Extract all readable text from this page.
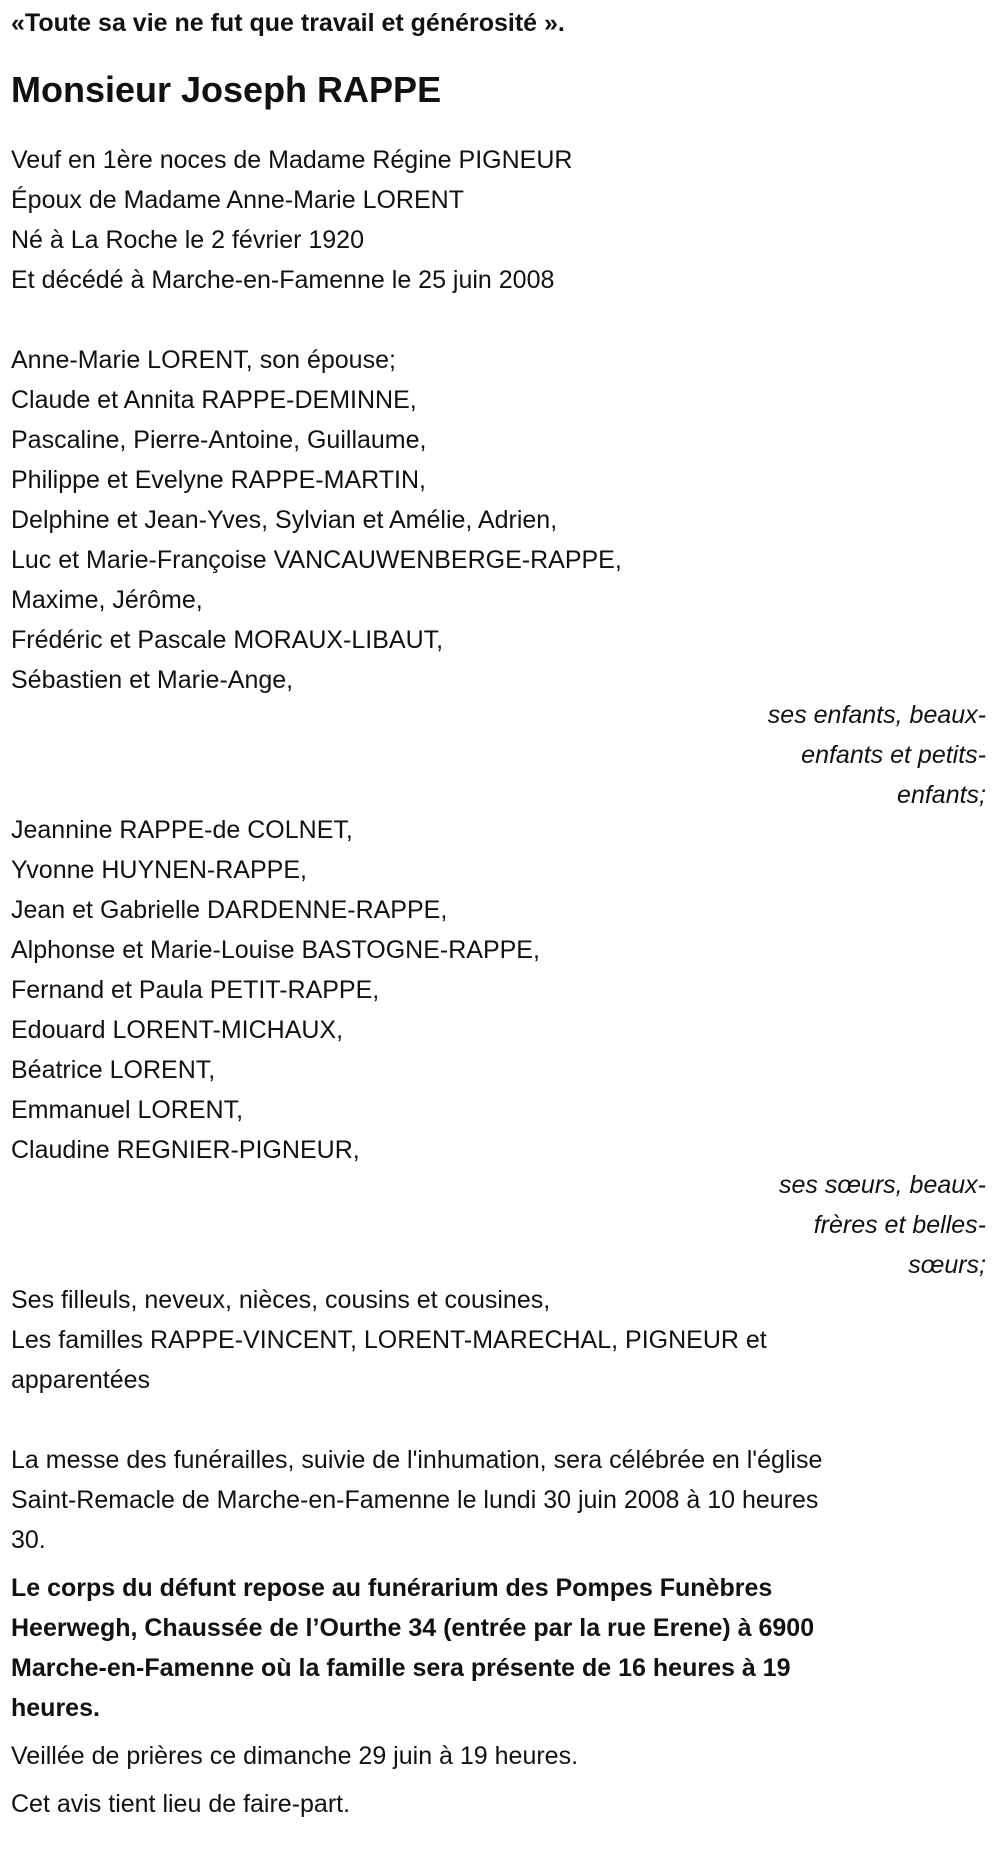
«Toute sa vie ne fut que travail et générosité ».
Monsieur Joseph RAPPE
Veuf en 1ère noces de Madame Régine PIGNEUR
Époux de Madame Anne-Marie LORENT
Né à La Roche le 2 février 1920
Et décédé à Marche-en-Famenne le 25 juin 2008
Anne-Marie LORENT, son épouse;
Claude et Annita RAPPE-DEMINNE,
Pascaline, Pierre-Antoine, Guillaume,
Philippe et Evelyne RAPPE-MARTIN,
Delphine et Jean-Yves, Sylvian et Amélie, Adrien,
Luc et Marie-Françoise VANCAUWENBERGE-RAPPE,
Maxime, Jérôme,
Frédéric et Pascale MORAUX-LIBAUT,
Sébastien et Marie-Ange,
ses enfants, beaux-
enfants et petits-
enfants;
Jeannine RAPPE-de COLNET,
Yvonne HUYNEN-RAPPE,
Jean et Gabrielle DARDENNE-RAPPE,
Alphonse et Marie-Louise BASTOGNE-RAPPE,
Fernand et Paula PETIT-RAPPE,
Edouard LORENT-MICHAUX,
Béatrice LORENT,
Emmanuel LORENT,
Claudine REGNIER-PIGNEUR,
ses sœurs, beaux-
frères et belles-
sœurs;
Ses filleuls, neveux, nièces, cousins et cousines,
Les familles RAPPE-VINCENT, LORENT-MARECHAL, PIGNEUR et
apparentées
La messe des funérailles, suivie de l'inhumation, sera célébrée en l'église
Saint-Remacle de Marche-en-Famenne le lundi 30 juin 2008 à 10 heures
30.
Le corps du défunt repose au funérarium des Pompes Funèbres
Heerwegh, Chaussée de l’Ourthe 34 (entrée par la rue Erene) à 6900
Marche-en-Famenne où la famille sera présente de 16 heures à 19
heures.
Veillée de prières ce dimanche 29 juin à 19 heures.
Cet avis tient lieu de faire-part.
